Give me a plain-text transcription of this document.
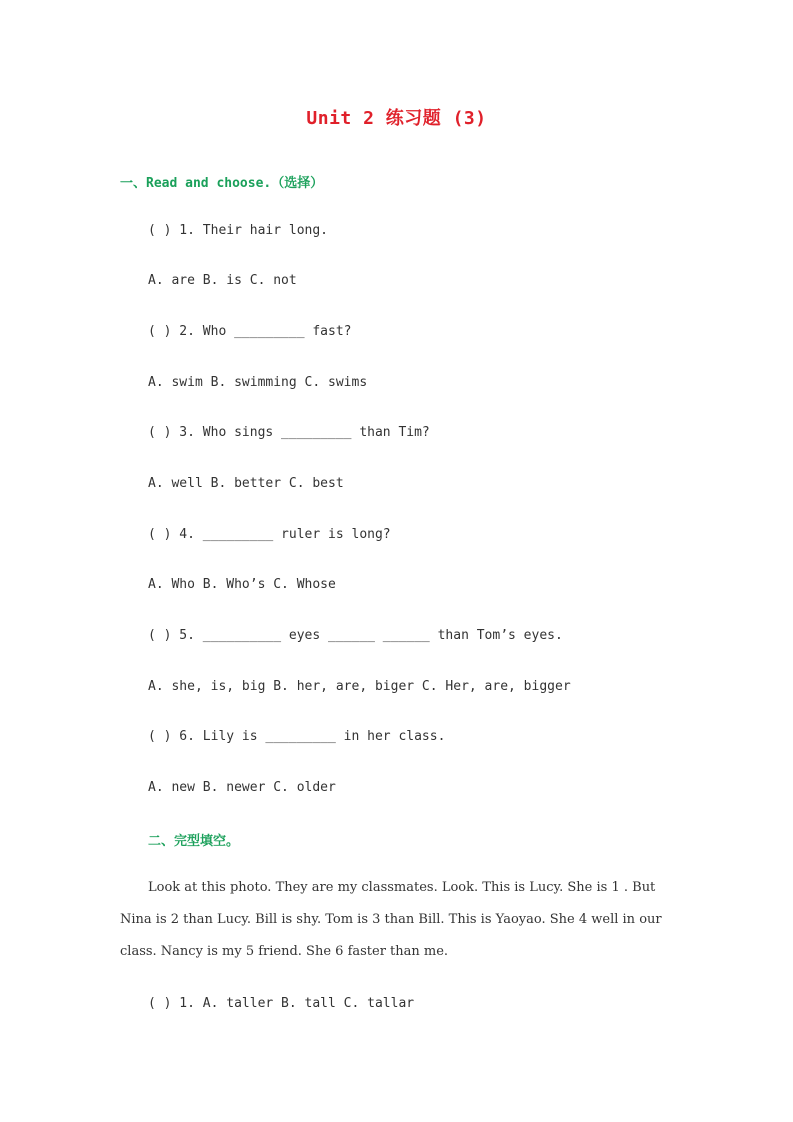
Unit 2 练习题 (3)
一、Read and choose.（选择）
( ) 1. Their hair long.
A. are B. is C. not
( ) 2. Who _________ fast?
A. swim B. swimming C. swims
( ) 3. Who sings _________ than Tim?
A. well B. better C. best
( ) 4. _________ ruler is long?
A. Who B. Who’s C. Whose
( ) 5. __________ eyes ______ ______ than Tom’s eyes.
A. she, is, big B. her, are, biger C. Her, are, bigger
( ) 6. Lily is _________ in her class.
A. new B. newer C. older
二、完型填空。
Look at this photo. They are my classmates. Look. This is Lucy. She is 1 . But Nina is 2 than Lucy. Bill is shy. Tom is 3 than Bill. This is Yaoyao. She 4 well in our class. Nancy is my 5 friend. She 6 faster than me.
( ) 1. A. taller B. tall C. tallar
